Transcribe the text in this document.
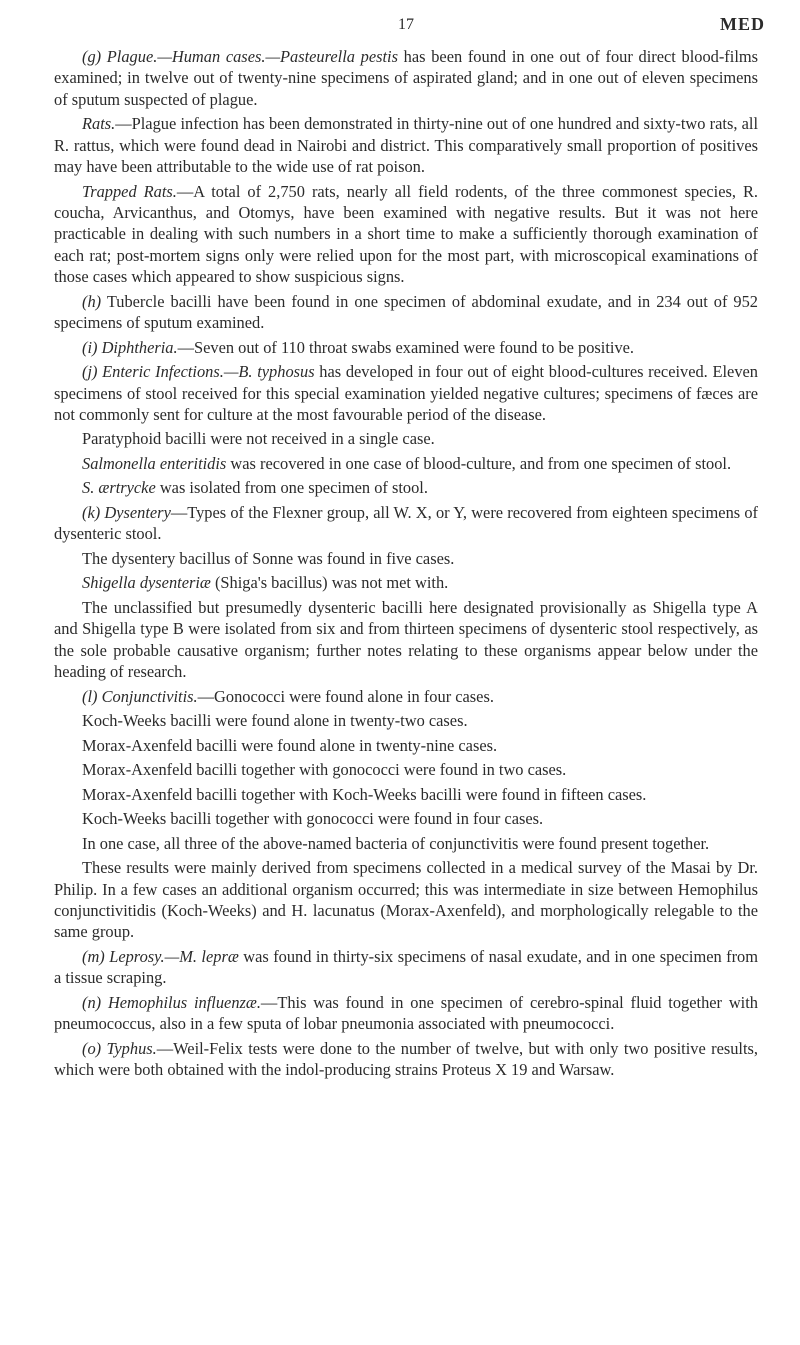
17	MED

(g) Plague.—Human cases.—Pasteurella pestis has been found in one out of four direct blood-films examined; in twelve out of twenty-nine specimens of aspirated gland; and in one out of eleven specimens of sputum suspected of plague.

Rats.—Plague infection has been demonstrated in thirty-nine out of one hundred and sixty-two rats, all R. rattus, which were found dead in Nairobi and district. This comparatively small proportion of positives may have been attributable to the wide use of rat poison.

Trapped Rats.—A total of 2,750 rats, nearly all field rodents, of the three commonest species, R. coucha, Arvicanthus, and Otomys, have been examined with negative results. But it was not here practicable in dealing with such numbers in a short time to make a sufficiently thorough examination of each rat; post-mortem signs only were relied upon for the most part, with microscopical examinations of those cases which appeared to show suspicious signs.

(h) Tubercle bacilli have been found in one specimen of abdominal exudate, and in 234 out of 952 specimens of sputum examined.

(i) Diphtheria.—Seven out of 110 throat swabs examined were found to be positive.

(j) Enteric Infections.—B. typhosus has developed in four out of eight blood-cultures received. Eleven specimens of stool received for this special examination yielded negative cultures; specimens of fæces are not commonly sent for culture at the most favourable period of the disease.

Paratyphoid bacilli were not received in a single case.

Salmonella enteritidis was recovered in one case of blood-culture, and from one specimen of stool.

S. ærtrycke was isolated from one specimen of stool.

(k) Dysentery—Types of the Flexner group, all W. X, or Y, were recovered from eighteen specimens of dysenteric stool.

The dysentery bacillus of Sonne was found in five cases.

Shigella dysenteriæ (Shiga's bacillus) was not met with.

The unclassified but presumedly dysenteric bacilli here designated provisionally as Shigella type A and Shigella type B were isolated from six and from thirteen specimens of dysenteric stool respectively, as the sole probable causative organism; further notes relating to these organisms appear below under the heading of research.

(l) Conjunctivitis.—Gonococci were found alone in four cases.

Koch-Weeks bacilli were found alone in twenty-two cases.

Morax-Axenfeld bacilli were found alone in twenty-nine cases.

Morax-Axenfeld bacilli together with gonococci were found in two cases.

Morax-Axenfeld bacilli together with Koch-Weeks bacilli were found in fifteen cases.

Koch-Weeks bacilli together with gonococci were found in four cases.

In one case, all three of the above-named bacteria of conjunctivitis were found present together.

These results were mainly derived from specimens collected in a medical survey of the Masai by Dr. Philip. In a few cases an additional organism occurred; this was intermediate in size between Hemophilus conjunctivitidis (Koch-Weeks) and H. lacunatus (Morax-Axenfeld), and morphologically relegable to the same group.

(m) Leprosy.—M. lepræ was found in thirty-six specimens of nasal exudate, and in one specimen from a tissue scraping.

(n) Hemophilus influenzæ.—This was found in one specimen of cerebro-spinal fluid together with pneumococcus, also in a few sputa of lobar pneumonia associated with pneumococci.

(o) Typhus.—Weil-Felix tests were done to the number of twelve, but with only two positive results, which were both obtained with the indol-producing strains Proteus X 19 and Warsaw.
